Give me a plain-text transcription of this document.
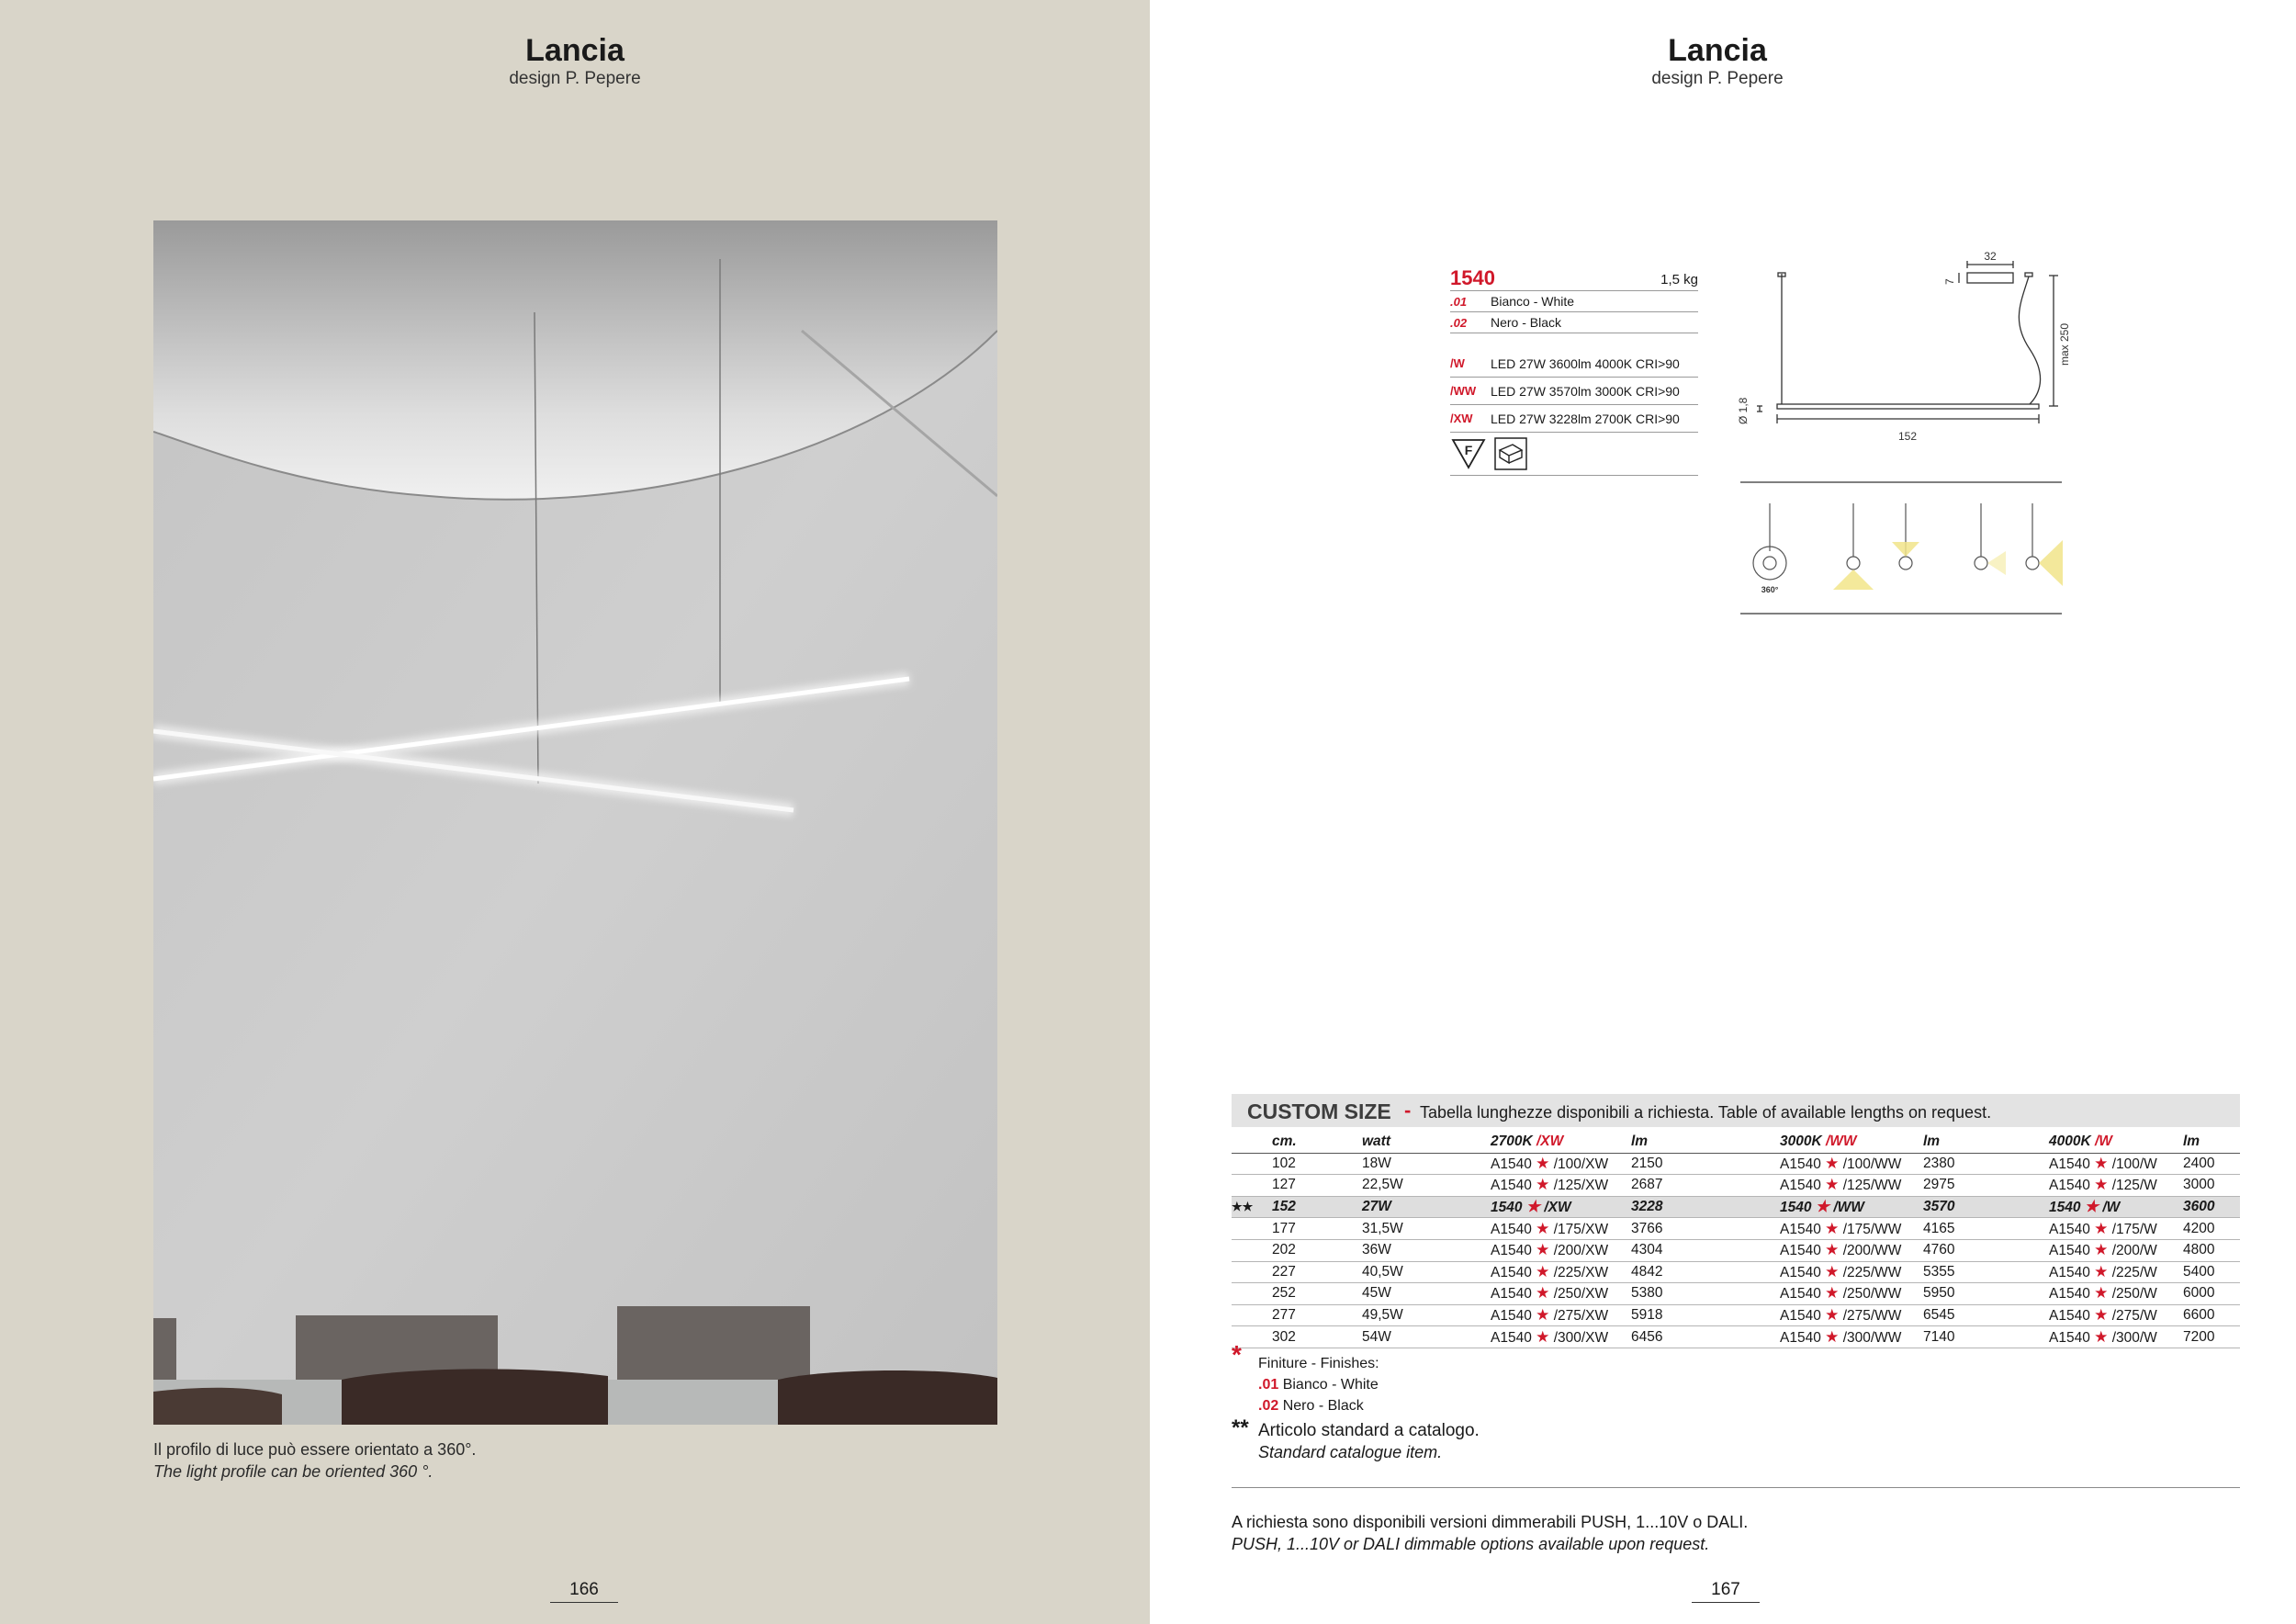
Lancia
design P. Pepere
Il profilo di luce può essere orientato a 360°.
The light profile can be oriented 360 °.
166
Lancia
design P. Pepere
1540	1,5 kg
.01	Bianco - White
.02	Nero - Black
/W	LED 27W 3600lm 4000K CRI>90
/WW	LED 27W 3570lm 3000K CRI>90
/XW	LED 27W 3228lm 2700K CRI>90
F
32
7
max 250
Ø 1,8
152
360°
CUSTOM SIZE - Tabella lunghezze disponibili a richiesta. Table of available lengths on request.
	cm.	watt	2700K /XW	lm	3000K /WW	lm	4000K /W	lm
	102	18W	A1540 ★ /100/XW	2150	A1540 ★ /100/WW	2380	A1540 ★ /100/W	2400
	127	22,5W	A1540 ★ /125/XW	2687	A1540 ★ /125/WW	2975	A1540 ★ /125/W	3000
★★	152	27W	1540 ★ /XW	3228	1540 ★ /WW	3570	1540 ★ /W	3600
	177	31,5W	A1540 ★ /175/XW	3766	A1540 ★ /175/WW	4165	A1540 ★ /175/W	4200
	202	36W	A1540 ★ /200/XW	4304	A1540 ★ /200/WW	4760	A1540 ★ /200/W	4800
	227	40,5W	A1540 ★ /225/XW	4842	A1540 ★ /225/WW	5355	A1540 ★ /225/W	5400
	252	45W	A1540 ★ /250/XW	5380	A1540 ★ /250/WW	5950	A1540 ★ /250/W	6000
	277	49,5W	A1540 ★ /275/XW	5918	A1540 ★ /275/WW	6545	A1540 ★ /275/W	6600
	302	54W	A1540 ★ /300/XW	6456	A1540 ★ /300/WW	7140	A1540 ★ /300/W	7200
* Finiture - Finishes:
.01 Bianco - White
.02 Nero - Black
** Articolo standard a catalogo.
Standard catalogue item.
A richiesta sono disponibili versioni dimmerabili PUSH, 1...10V o DALI.
PUSH, 1...10V or DALI dimmable options available upon request.
167
